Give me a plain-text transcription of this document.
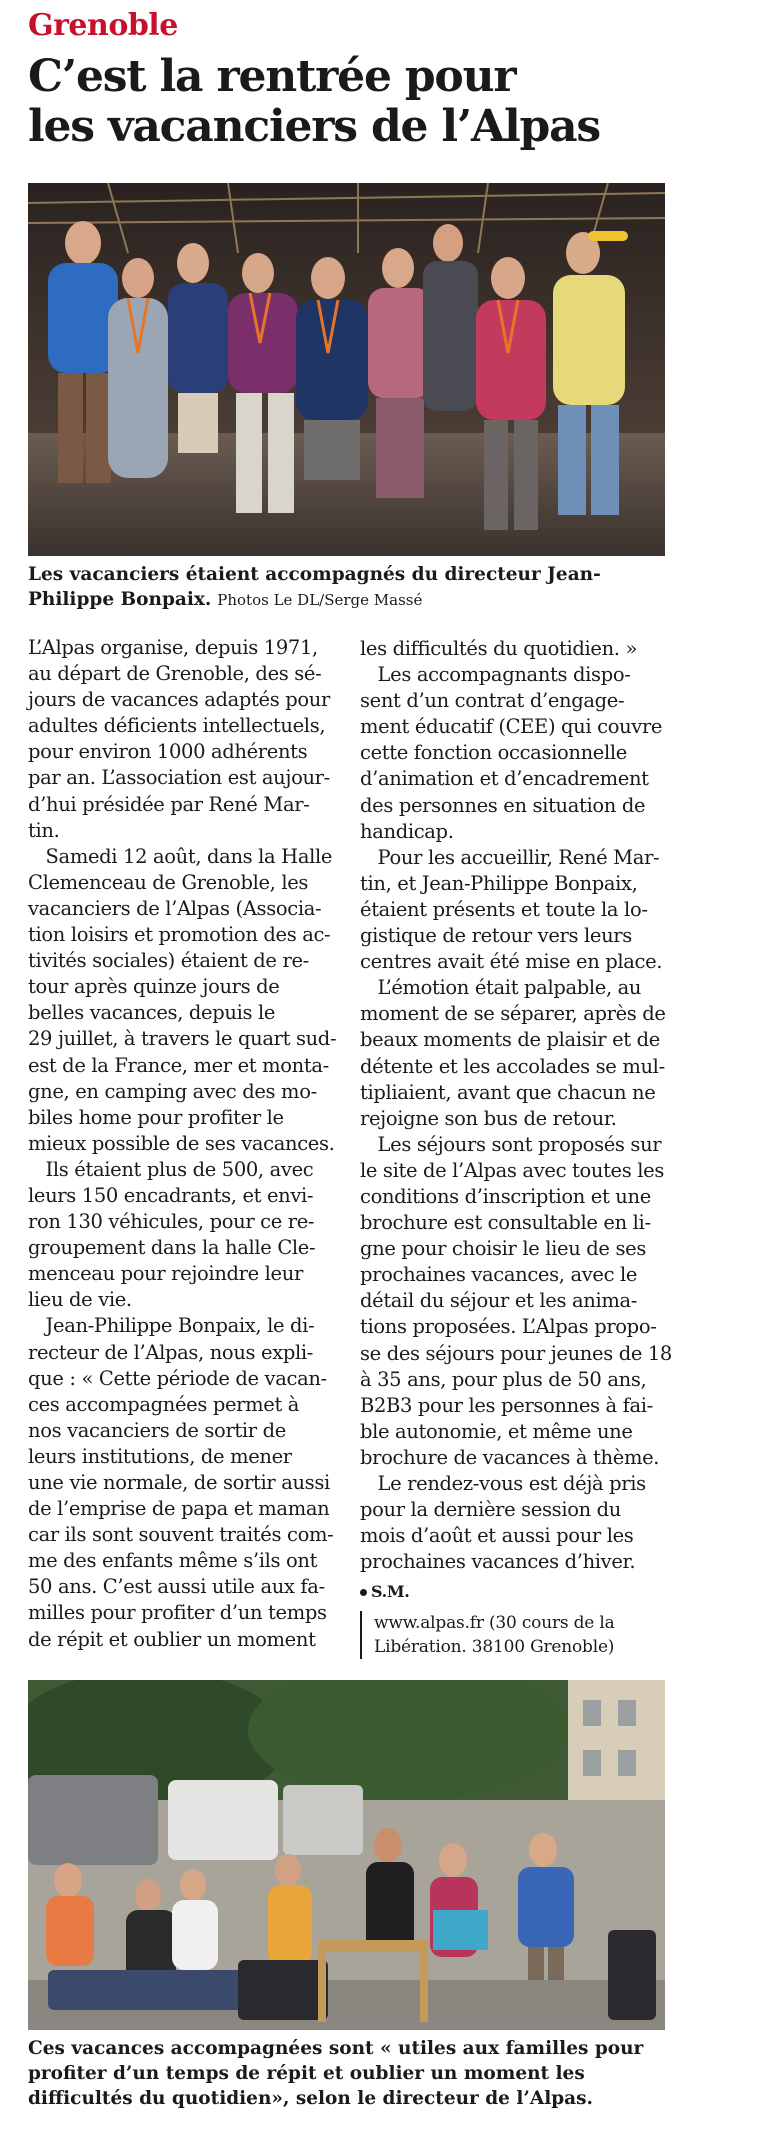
Grenoble
C’est la rentrée pour
les vacanciers de l’Alpas
Les vacanciers étaient accompagnés du directeur Jean-
Philippe Bonpaix. Photos Le DL/Serge Massé
L’Alpas organise, depuis 1971,
au départ de Grenoble, des sé-
jours de vacances adaptés pour
adultes déficients intellectuels,
pour environ 1000 adhérents
par an. L’association est aujour-
d’hui présidée par René Mar-
tin.
Samedi 12 août, dans la Halle
Clemenceau de Grenoble, les
vacanciers de l’Alpas (Associa-
tion loisirs et promotion des ac-
tivités sociales) étaient de re-
tour après quinze jours de
belles vacances, depuis le
29 juillet, à travers le quart sud-
est de la France, mer et monta-
gne, en camping avec des mo-
biles home pour profiter le
mieux possible de ses vacances.
Ils étaient plus de 500, avec
leurs 150 encadrants, et envi-
ron 130 véhicules, pour ce re-
groupement dans la halle Cle-
menceau pour rejoindre leur
lieu de vie.
Jean-Philippe Bonpaix, le di-
recteur de l’Alpas, nous expli-
que : « Cette période de vacan-
ces accompagnées permet à
nos vacanciers de sortir de
leurs institutions, de mener
une vie normale, de sortir aussi
de l’emprise de papa et maman
car ils sont souvent traités com-
me des enfants même s’ils ont
50 ans. C’est aussi utile aux fa-
milles pour profiter d’un temps
de répit et oublier un moment
les difficultés du quotidien. »
Les accompagnants dispo-
sent d’un contrat d’engage-
ment éducatif (CEE) qui couvre
cette fonction occasionnelle
d’animation et d’encadrement
des personnes en situation de
handicap.
Pour les accueillir, René Mar-
tin, et Jean-Philippe Bonpaix,
étaient présents et toute la lo-
gistique de retour vers leurs
centres avait été mise en place.
L’émotion était palpable, au
moment de se séparer, après de
beaux moments de plaisir et de
détente et les accolades se mul-
tipliaient, avant que chacun ne
rejoigne son bus de retour.
Les séjours sont proposés sur
le site de l’Alpas avec toutes les
conditions d’inscription et une
brochure est consultable en li-
gne pour choisir le lieu de ses
prochaines vacances, avec le
détail du séjour et les anima-
tions proposées. L’Alpas propo-
se des séjours pour jeunes de 18
à 35 ans, pour plus de 50 ans,
B2B3 pour les personnes à fai-
ble autonomie, et même une
brochure de vacances à thème.
Le rendez-vous est déjà pris
pour la dernière session du
mois d’août et aussi pour les
prochaines vacances d’hiver.
S.M.
www.alpas.fr (30 cours de la
Libération. 38100 Grenoble)
Ces vacances accompagnées sont « utiles aux familles pour
profiter d’un temps de répit et oublier un moment les
difficultés du quotidien», selon le directeur de l’Alpas.
